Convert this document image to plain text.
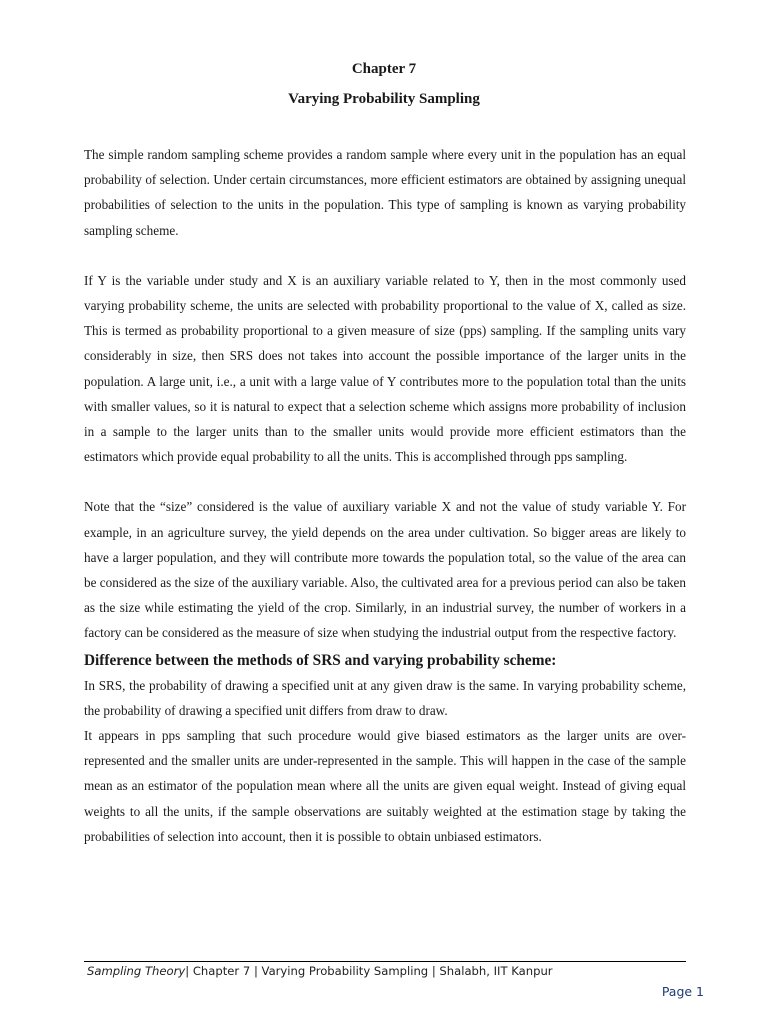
Chapter 7
Varying Probability Sampling

The simple random sampling scheme provides a random sample where every unit in the population has an equal probability of selection. Under certain circumstances, more efficient estimators are obtained by assigning unequal probabilities of selection to the units in the population. This type of sampling is known as varying probability sampling scheme.

If Y is the variable under study and X is an auxiliary variable related to Y, then in the most commonly used varying probability scheme, the units are selected with probability proportional to the value of X, called as size. This is termed as probability proportional to a given measure of size (pps) sampling. If the sampling units vary considerably in size, then SRS does not takes into account the possible importance of the larger units in the population. A large unit, i.e., a unit with a large value of Y contributes more to the population total than the units with smaller values, so it is natural to expect that a selection scheme which assigns more probability of inclusion in a sample to the larger units than to the smaller units would provide more efficient estimators than the estimators which provide equal probability to all the units. This is accomplished through pps sampling.

Note that the “size” considered is the value of auxiliary variable X and not the value of study variable Y. For example, in an agriculture survey, the yield depends on the area under cultivation. So bigger areas are likely to have a larger population, and they will contribute more towards the population total, so the value of the area can be considered as the size of the auxiliary variable. Also, the cultivated area for a previous period can also be taken as the size while estimating the yield of the crop. Similarly, in an industrial survey, the number of workers in a factory can be considered as the measure of size when studying the industrial output from the respective factory.

Difference between the methods of SRS and varying probability scheme:

In SRS, the probability of drawing a specified unit at any given draw is the same. In varying probability scheme, the probability of drawing a specified unit differs from draw to draw.

It appears in pps sampling that such procedure would give biased estimators as the larger units are over-represented and the smaller units are under-represented in the sample. This will happen in the case of the sample mean as an estimator of the population mean where all the units are given equal weight. Instead of giving equal weights to all the units, if the sample observations are suitably weighted at the estimation stage by taking the probabilities of selection into account, then it is possible to obtain unbiased estimators.

Sampling Theory| Chapter 7 | Varying Probability Sampling | Shalabh, IIT Kanpur
Page 1
